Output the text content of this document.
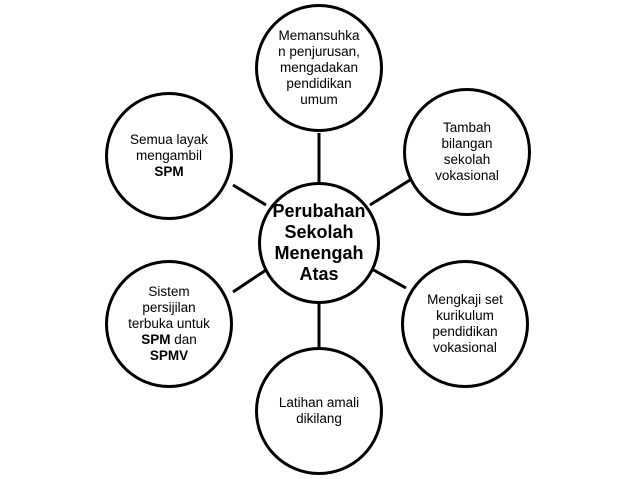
Perubahan
Sekolah
Menengah
Atas
Memansuhka
n penjurusan,
mengadakan
pendidikan
umum
Tambah
bilangan
sekolah
vokasional
Mengkaji set
kurikulum
pendidikan
vokasional
Latihan amali
dikilang
Sistem
persijilan
terbuka untuk
SPM dan
SPMV
Semua layak
mengambil
SPM
